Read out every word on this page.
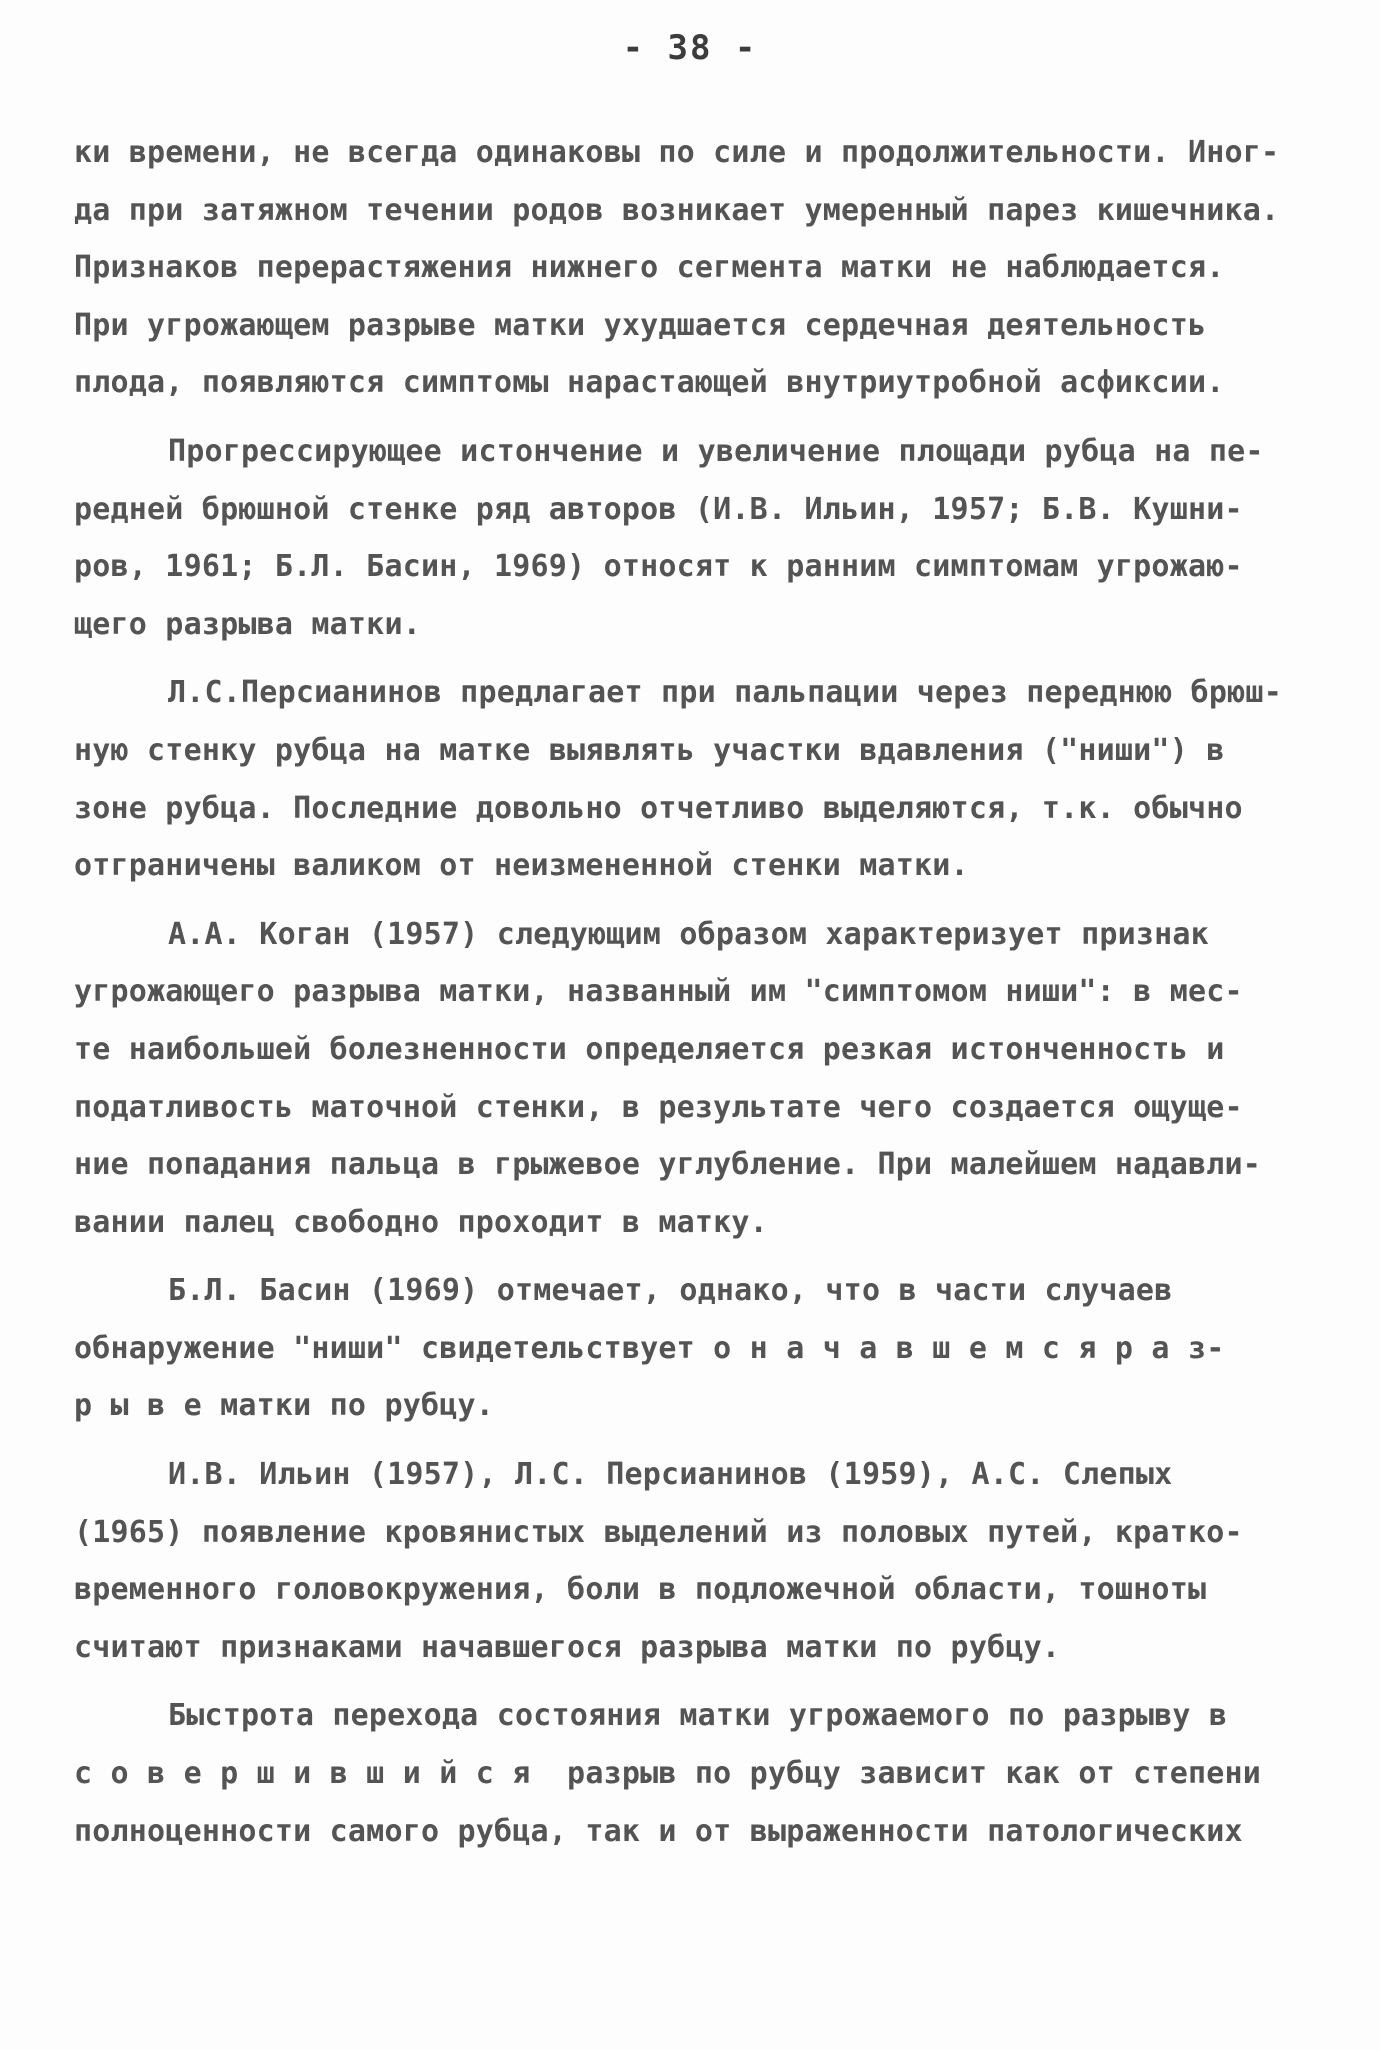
- 38 -
ки времени, не всегда одинаковы по силе и продолжительности. Иног-
да при затяжном течении родов возникает умеренный парез кишечника.
Признаков перерастяжения нижнего сегмента матки не наблюдается.
При угрожающем разрыве матки ухудшается сердечная деятельность
плода, появляются симптомы нарастающей внутриутробной асфиксии.
Прогрессирующее истончение и увеличение площади рубца на пе-
редней брюшной стенке ряд авторов (И.В. Ильин, 1957; Б.В. Кушни-
ров, 1961; Б.Л. Басин, 1969) относят к ранним симптомам угрожаю-
щего разрыва матки.
Л.С.Персианинов предлагает при пальпации через переднюю брюш-
ную стенку рубца на матке выявлять участки вдавления ("ниши") в
зоне рубца. Последние довольно отчетливо выделяются, т.к. обычно
отграничены валиком от неизмененной стенки матки.
А.А. Коган (1957) следующим образом характеризует признак
угрожающего разрыва матки, названный им "симптомом ниши": в мес-
те наибольшей болезненности определяется резкая истонченность и
податливость маточной стенки, в результате чего создается ощуще-
ние попадания пальца в грыжевое углубление. При малейшем надавли-
вании палец свободно проходит в матку.
Б.Л. Басин (1969) отмечает, однако, что в части случаев
обнаружение "ниши" свидетельствует о н а ч а в ш е м с я р а з-
р ы в е матки по рубцу.
И.В. Ильин (1957), Л.С. Персианинов (1959), А.С. Слепых
(1965) появление кровянистых выделений из половых путей, кратко-
временного головокружения, боли в подложечной области, тошноты
считают признаками начавшегося разрыва матки по рубцу.
Быстрота перехода состояния матки угрожаемого по разрыву в
с о в е р ш и в ш и й с я  разрыв по рубцу зависит как от степени
полноценности самого рубца, так и от выраженности патологических
